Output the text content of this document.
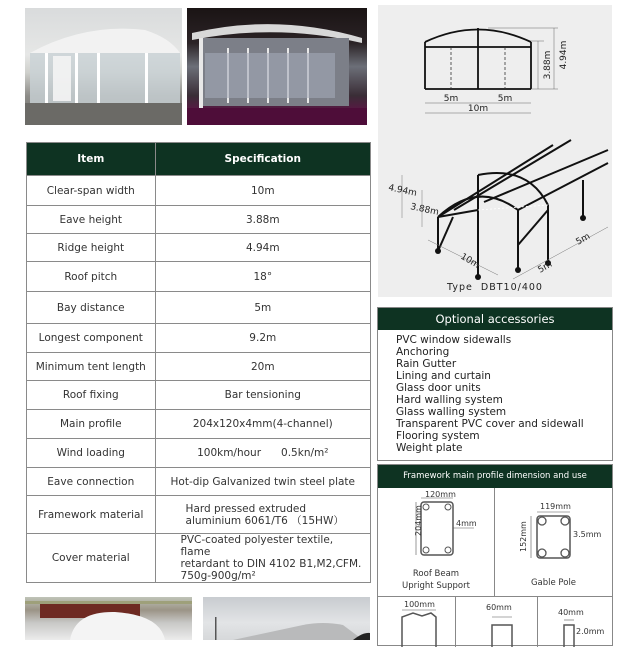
Item	Specification
Clear-span width	10m
Eave height	3.88m
Ridge height	4.94m
Roof pitch	18°
Bay distance	5m
Longest component	9.2m
Minimum tent length	20m
Roof fixing	Bar tensioning
Main profile	204x120x4mm(4-channel)
Wind loading	100km/hour      0.5kn/m²
Eave connection	Hot-dip Galvanized twin steel plate
Framework material	Hard pressed extruded
aluminium 6061/T6 （15HW）

Cover material	PVC-coated polyester textile, flame
retardant to DIN 4102 B1,M2,CFM.
750g-900g/m²
5m	5m
10m
3.88m 4.94m
4.94m
3.88m
10m	5m
5m
Type  DBT10/400
Optional accessories
PVC window sidewalls
Anchoring
Rain Gutter
Lining and curtain
Glass door units
Hard walling system
Glass walling system
Transparent PVC cover and sidewall
Flooring system
Weight plate
Framework main profile dimension and use
120mm
204mm	4mm
Roof Beam
Upright Support
119mm
152mm	3.5mm
Gable Pole
100mm	60mm
40mm
2.0mm
